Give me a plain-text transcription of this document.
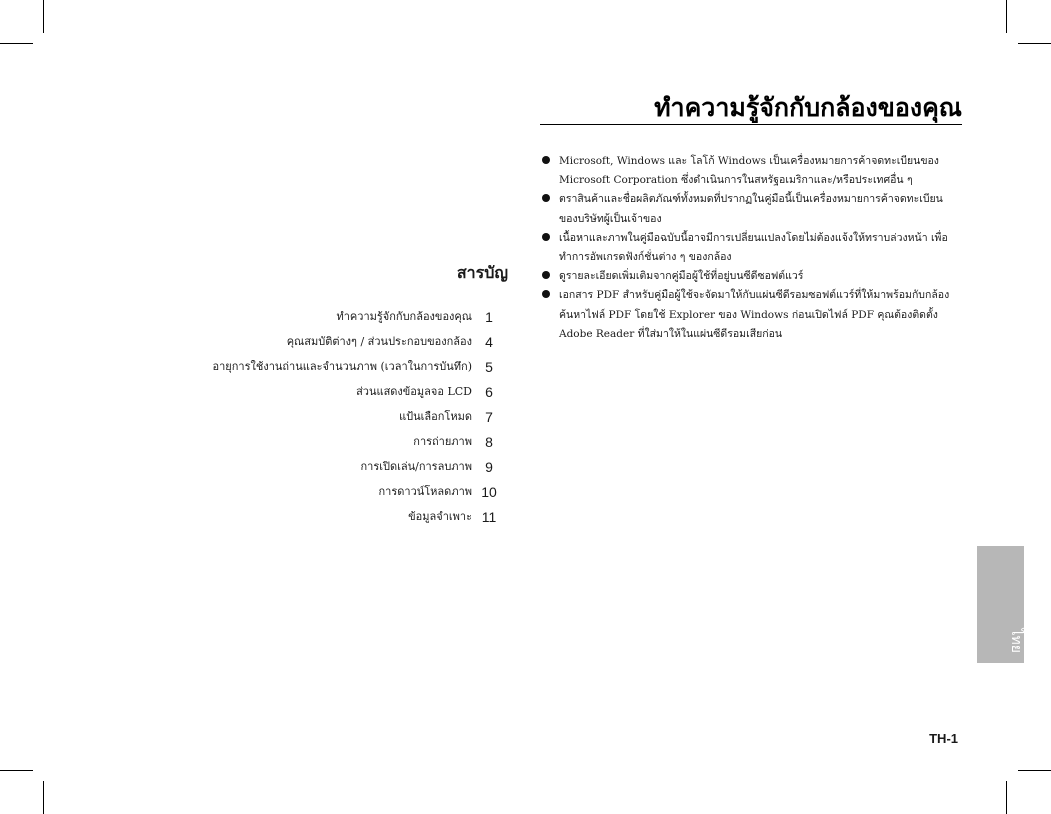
ทำความรู้จักกับกล้องของคุณ
Microsoft, Windows และ โลโก้ Windows เป็นเครื่องหมายการค้าจดทะเบียนของ Microsoft Corporation ซึ่งดำเนินการในสหรัฐอเมริกาและ/หรือประเทศอื่น ๆ
ตราสินค้าและชื่อผลิตภัณฑ์ทั้งหมดที่ปรากฏในคู่มือนี้เป็นเครื่องหมายการค้าจดทะเบียนของบริษัทผู้เป็นเจ้าของ
เนื้อหาและภาพในคู่มือฉบับนี้อาจมีการเปลี่ยนแปลงโดยไม่ต้องแจ้งให้ทราบล่วงหน้า เพื่อทำการอัพเกรดฟังก์ชั่นต่าง ๆ ของกล้อง
ดูรายละเอียดเพิ่มเติมจากคู่มือผู้ใช้ที่อยู่บนซีดีซอฟต์แวร์
เอกสาร PDF สำหรับคู่มือผู้ใช้จะจัดมาให้กับแผ่นซีดีรอมซอฟต์แวร์ที่ให้มาพร้อมกับกล้อง ค้นหาไฟล์ PDF โดยใช้ Explorer ของ Windows ก่อนเปิดไฟล์ PDF คุณต้องติดตั้ง Adobe Reader ที่ใส่มาให้ในแผ่นซีดีรอมเสียก่อน
สารบัญ
ทำความรู้จักกับกล้องของคุณ 1
คุณสมบัติต่างๆ / ส่วนประกอบของกล้อง 4
อายุการใช้งานถ่านและจำนวนภาพ (เวลาในการบันทึก) 5
ส่วนแสดงข้อมูลจอ LCD 6
แป้นเลือกโหมด 7
การถ่ายภาพ 8
การเปิดเล่น/การลบภาพ 9
การดาวน์โหลดภาพ 10
ข้อมูลจำเพาะ 11
ไทย
TH-1
